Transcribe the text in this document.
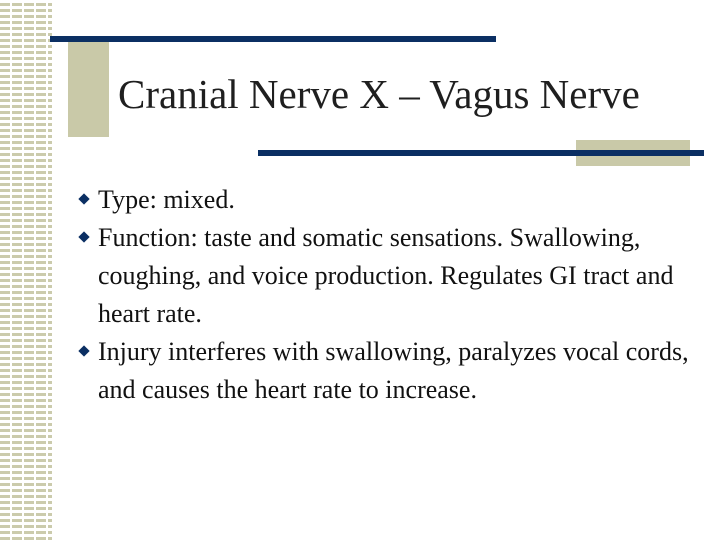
Cranial Nerve X – Vagus Nerve
Type: mixed.
Function: taste and somatic sensations. Swallowing, coughing, and voice production. Regulates GI tract and heart rate.
Injury interferes with swallowing, paralyzes vocal cords, and causes the heart rate to increase.
